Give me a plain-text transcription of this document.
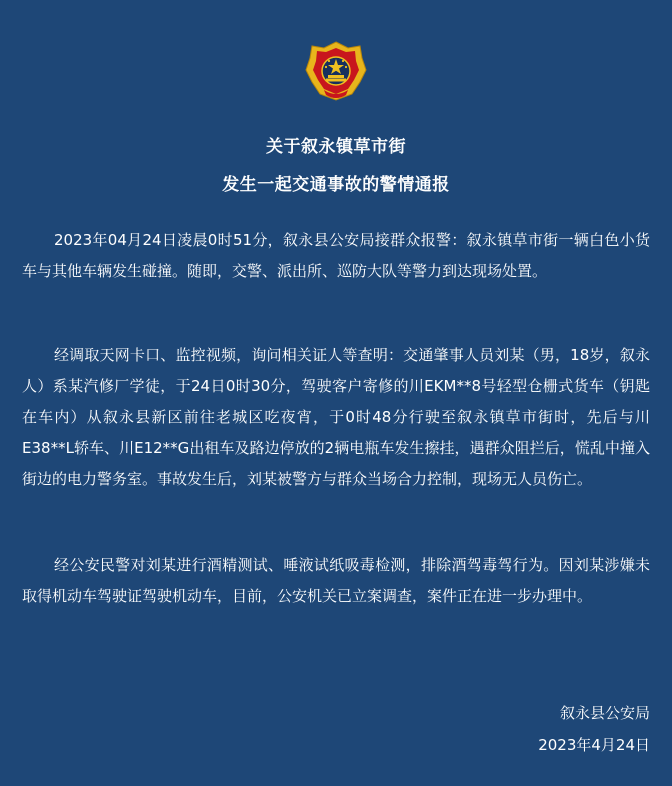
关于叙永镇草市街
发生一起交通事故的警情通报

2023年04月24日凌晨0时51分，叙永县公安局接群众报警：叙永镇草市街一辆白色小货车与其他车辆发生碰撞。随即，交警、派出所、巡防大队等警力到达现场处置。

经调取天网卡口、监控视频，询问相关证人等查明：交通肇事人员刘某（男，18岁，叙永人）系某汽修厂学徒，于24日0时30分，驾驶客户寄修的川EKM**8号轻型仓栅式货车（钥匙在车内）从叙永县新区前往老城区吃夜宵，于0时48分行驶至叙永镇草市街时，先后与川E38**L轿车、川E12**G出租车及路边停放的2辆电瓶车发生擦挂，遇群众阻拦后，慌乱中撞入街边的电力警务室。事故发生后，刘某被警方与群众当场合力控制，现场无人员伤亡。

经公安民警对刘某进行酒精测试、唾液试纸吸毒检测，排除酒驾毒驾行为。因刘某涉嫌未取得机动车驾驶证驾驶机动车，目前，公安机关已立案调查，案件正在进一步办理中。

叙永县公安局
2023年4月24日
